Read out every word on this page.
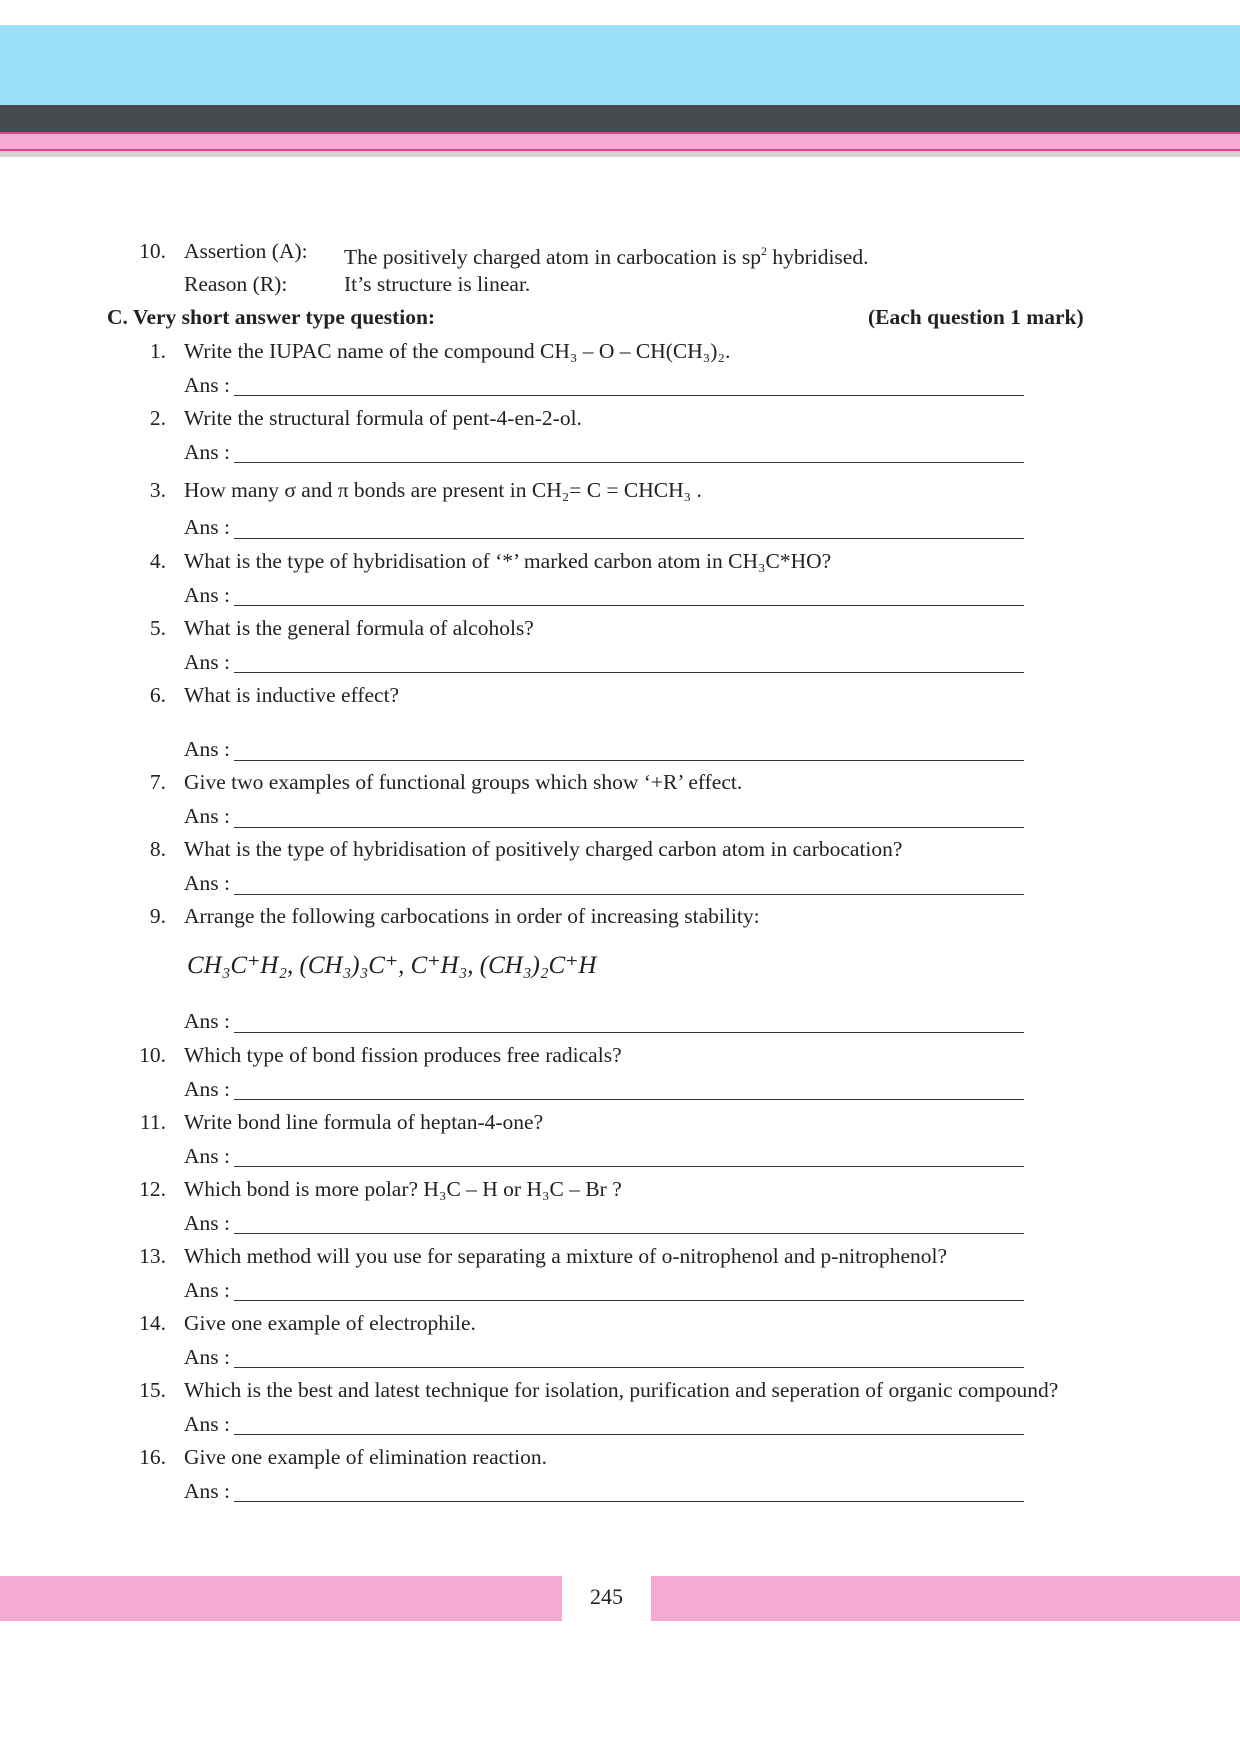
10. Assertion (A): The positively charged atom in carbocation is $sp^2$ hybridised.
Reason (R):	It’s structure is linear.
C. Very short answer type question:	(Each question 1 mark)
1. Write the IUPAC name of the compound CH₃ – O – CH(CH₃)₂.
Ans :
2. Write the structural formula of pent-4-en-2-ol.
Ans :
3. How many σ and π bonds are present in CH₂= C = CHCH₃ .
Ans :
4. What is the type of hybridisation of ‘*’ marked carbon atom in CH₃C*HO?
Ans :
5. What is the general formula of alcohols?
Ans :
6. What is inductive effect?
Ans :
7. Give two examples of functional groups which show ‘+R’ effect.
Ans :
8. What is the type of hybridisation of positively charged carbon atom in carbocation?
Ans :
9. Arrange the following carbocations in order of increasing stability:
CH₃C⁺H₂, (CH₃)₃C⁺, C⁺H₃, (CH₃)₂C⁺H
Ans :
10. Which type of bond fission produces free radicals?
Ans :
11. Write bond line formula of heptan-4-one?
Ans :
12. Which bond is more polar? H₃C – H or H₃C – Br ?
Ans :
13. Which method will you use for separating a mixture of o-nitrophenol and p-nitrophenol?
Ans :
14. Give one example of electrophile.
Ans :
15. Which is the best and latest technique for isolation, purification and seperation of organic compound?
Ans :
16. Give one example of elimination reaction.
Ans :
245
